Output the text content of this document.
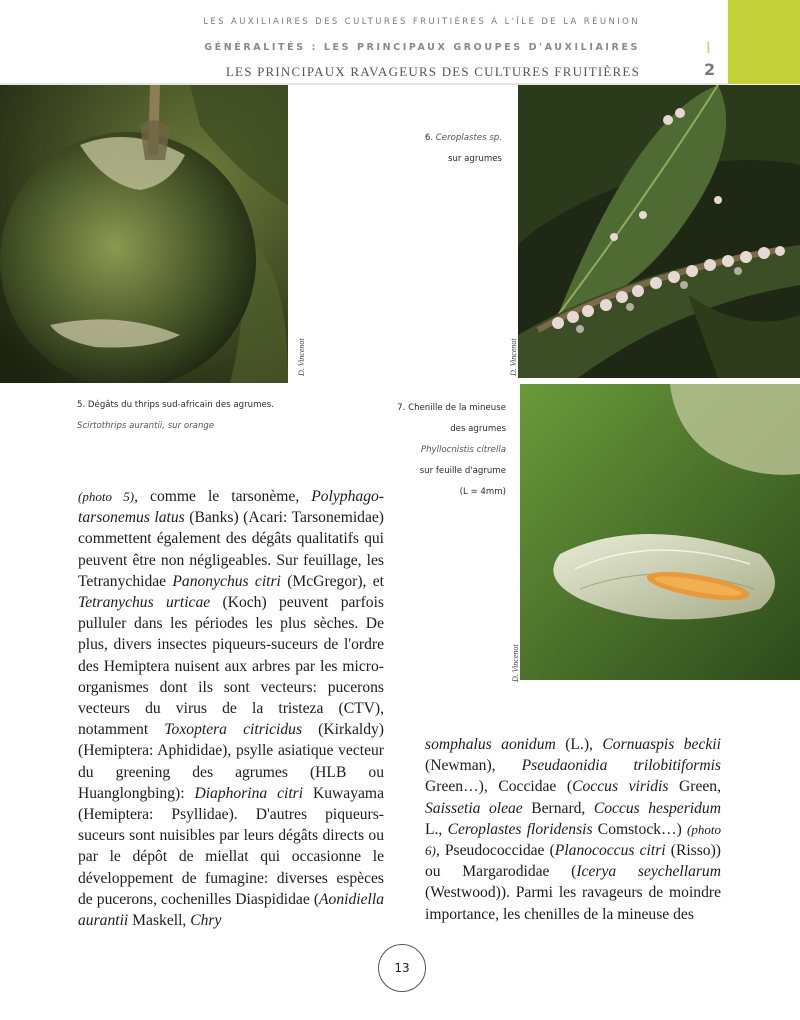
LES AUXILIAIRES DES CULTURES FRUITIÈRES À L'ÎLE DE LA RÉUNION
GÉNÉRALITÉS : LES PRINCIPAUX GROUPES D'AUXILIAIRES
LES PRINCIPAUX RAVAGEURS DES CULTURES FRUITIÈRES
I
2
D. Vincenot	D. Vincenot
D. Vincenot
5. Dégâts du thrips sud-africain des agrumes.
Scirtothrips aurantii, sur orange
6. Ceroplastes sp.
sur agrumes
7. Chenille de la mineuse
des agrumes
Phyllocnistis citrella
sur feuille d'agrume
(L = 4mm)

(photo 5), comme le tarsonème, Polyphagotarsonemus latus (Banks) (Acari: Tarsonemidae) commettent également des dégâts qualitatifs qui peuvent être non négligeables. Sur feuillage, les Tetranychidae Panonychus citri (McGregor), et Tetranychus urticae (Koch) peuvent parfois pulluler dans les périodes les plus sèches. De plus, divers insectes piqueurs-suceurs de l'ordre des Hemiptera nuisent aux arbres par les micro-organismes dont ils sont vecteurs: pucerons vecteurs du virus de la tristeza (CTV), notamment Toxoptera citricidus (Kirkaldy) (Hemiptera: Aphididae), psylle asiatique vecteur du greening des agrumes (HLB ou Huanglongbing): Diaphorina citri Kuwayama (Hemiptera: Psyllidae). D'autres piqueurs-suceurs sont nuisibles par leurs dégâts directs ou par le dépôt de miellat qui occasionne le développement de fumagine: diverses espèces de pucerons, cochenilles Diaspididae (Aonidiella aurantii Maskell, Chry

somphalus aonidum (L.), Cornuaspis beckii (Newman), Pseudaonidia trilobitiformis Green…), Coccidae (Coccus viridis Green, Saissetia oleae Bernard, Coccus hesperidum L., Ceroplastes floridensis Comstock…) (photo 6), Pseudococcidae (Planococcus citri (Risso)) ou Margarodidae (Icerya seychellarum (Westwood)). Parmi les ravageurs de moindre importance, les chenilles de la mineuse des

13
